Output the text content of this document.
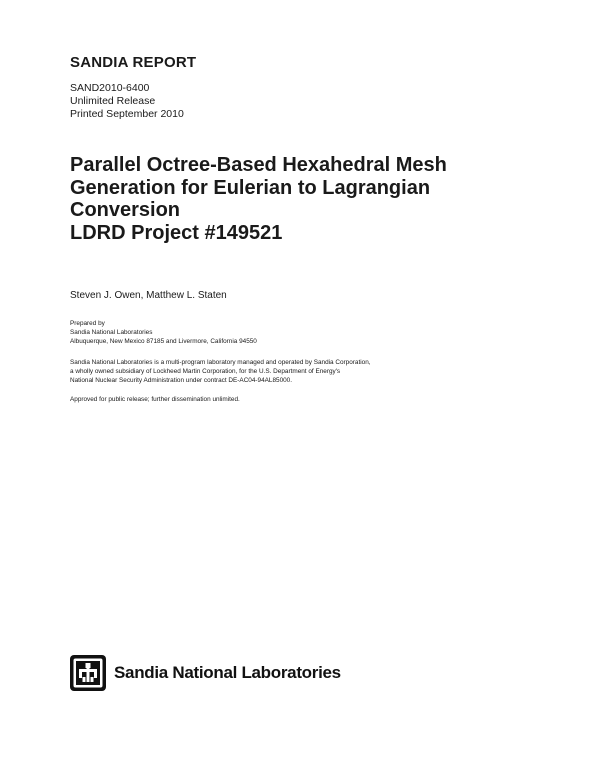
SANDIA REPORT
SAND2010-6400
Unlimited Release
Printed September 2010
Parallel Octree-Based Hexahedral Mesh
Generation for Eulerian to Lagrangian
Conversion
LDRD Project #149521
Steven J. Owen, Matthew L. Staten
Prepared by
Sandia National Laboratories
Albuquerque, New Mexico 87185 and Livermore, California 94550
Sandia National Laboratories is a multi-program laboratory managed and operated by Sandia Corporation,
a wholly owned subsidiary of Lockheed Martin Corporation, for the U.S. Department of Energy's
National Nuclear Security Administration under contract DE-AC04-94AL85000.
Approved for public release; further dissemination unlimited.
Sandia National Laboratories
